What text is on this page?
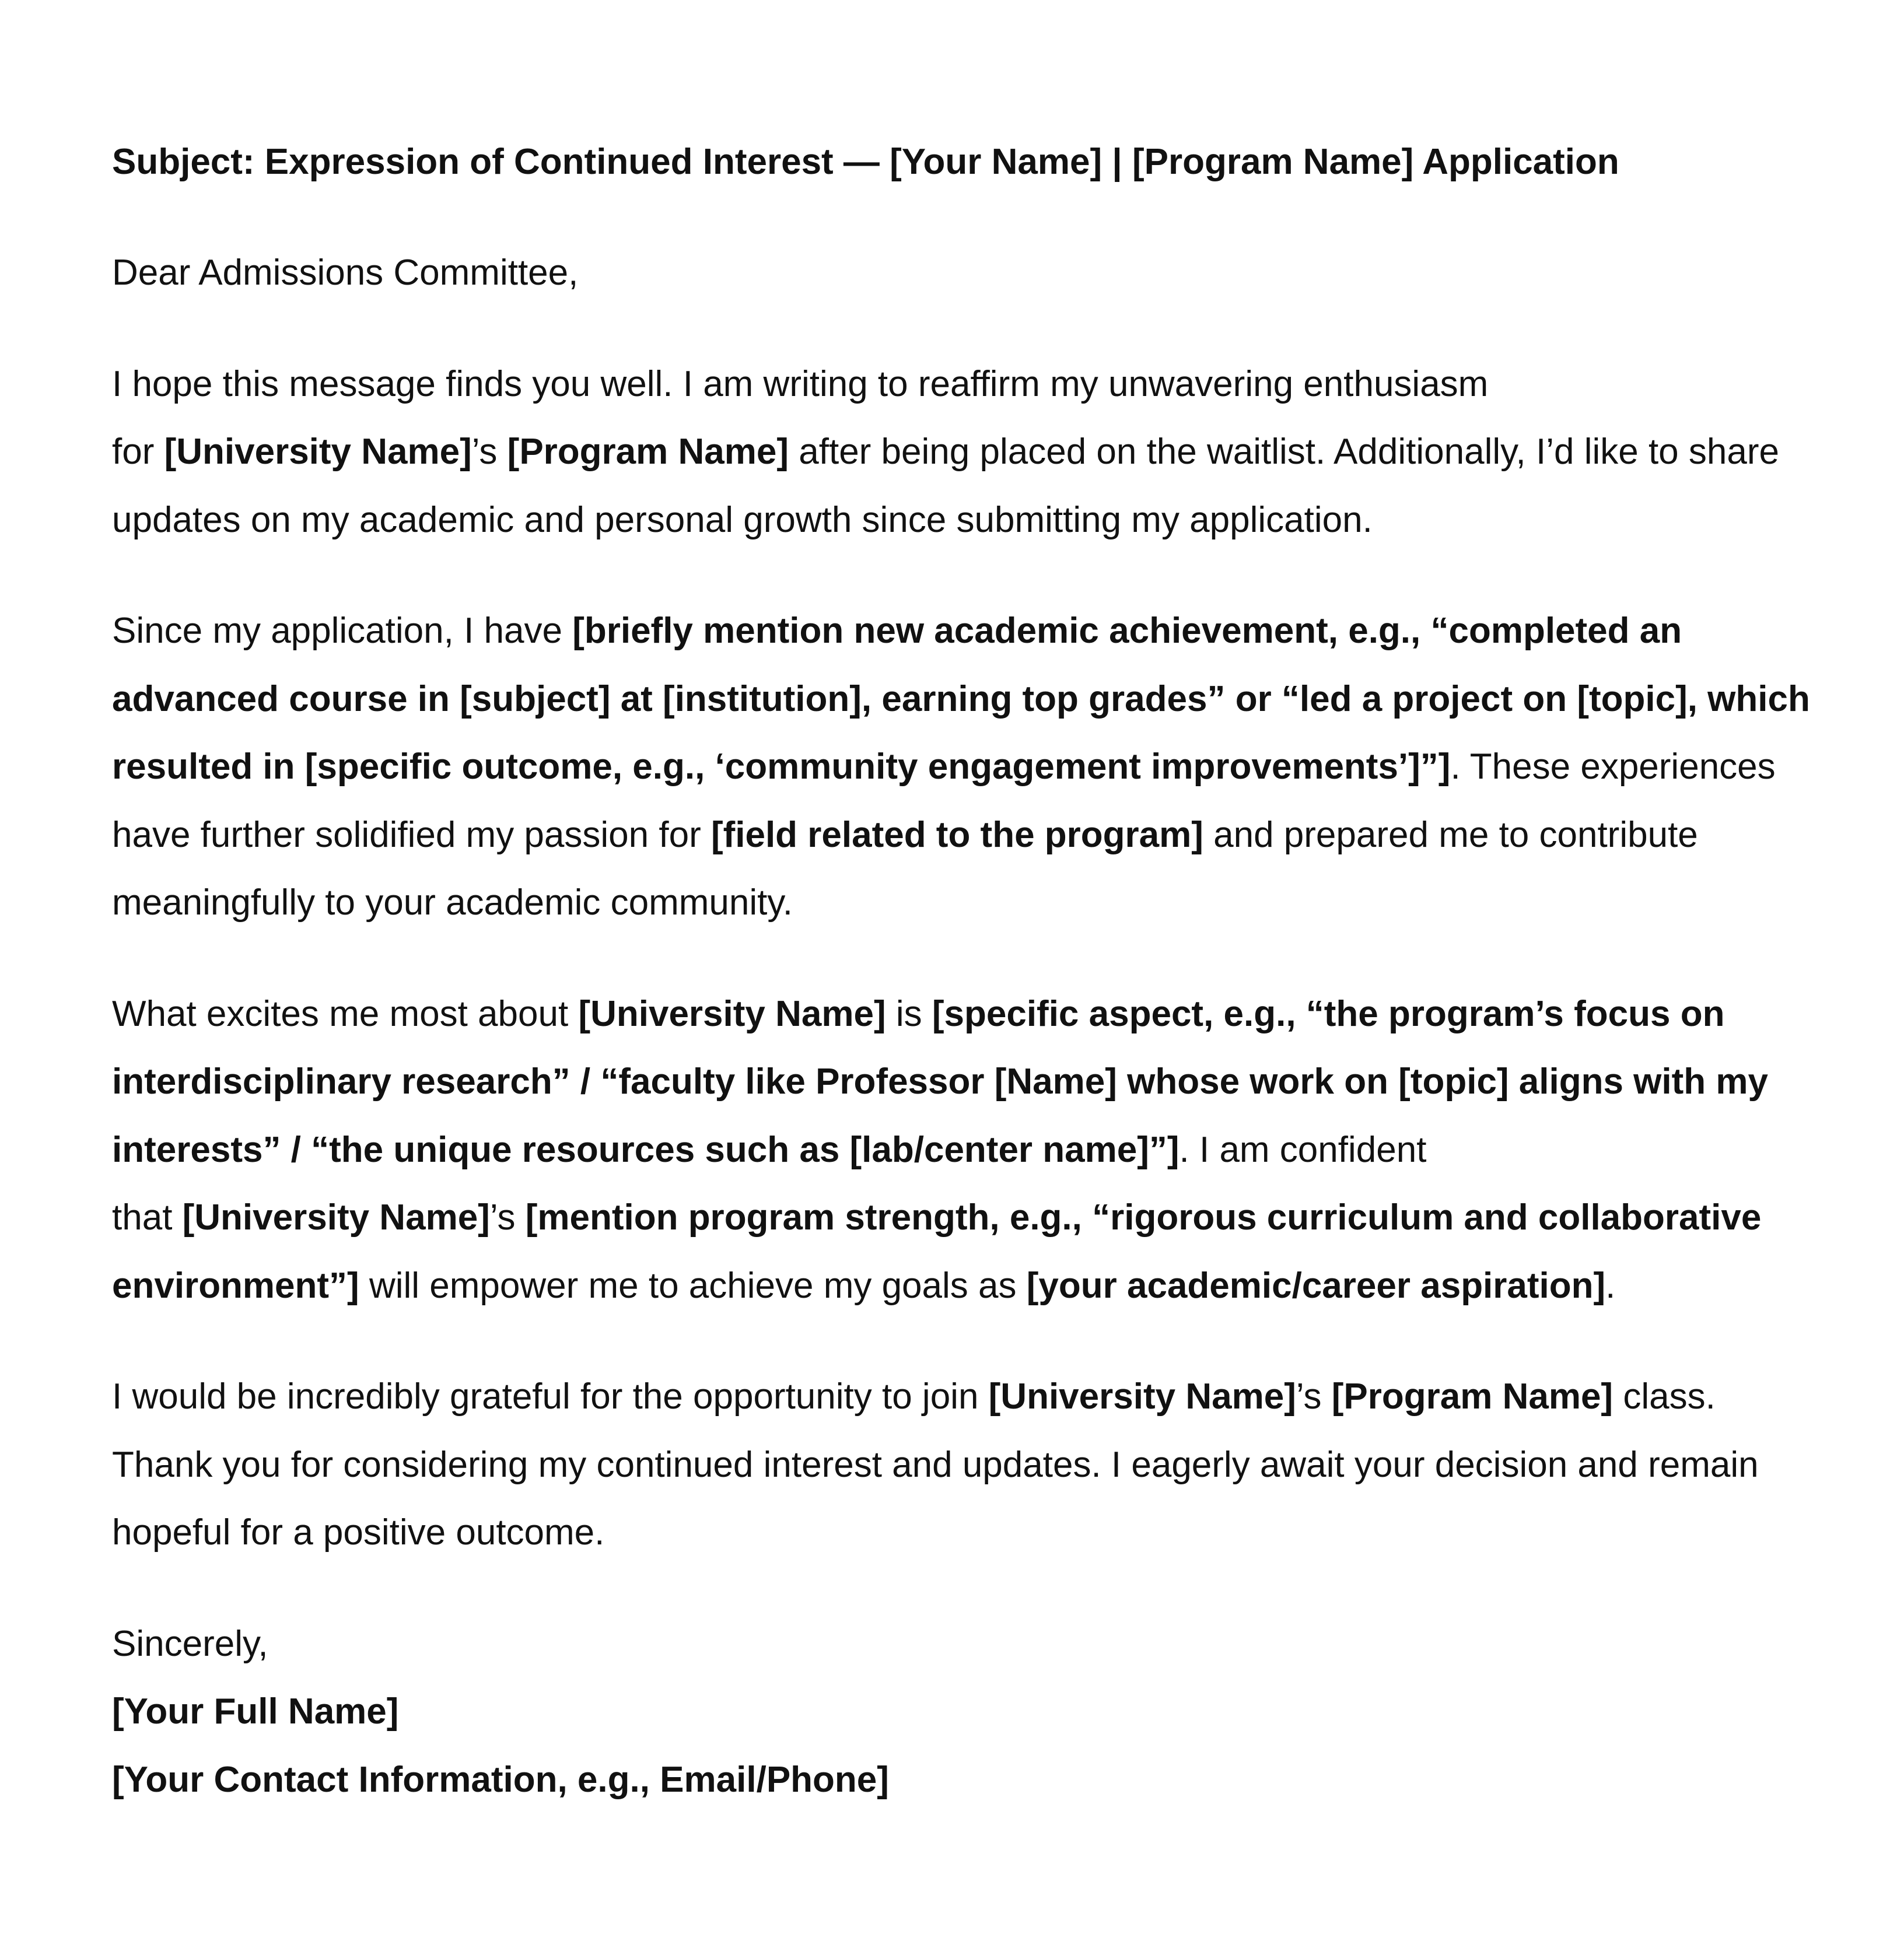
Subject: Expression of Continued Interest — [Your Name] | [Program Name] Application

Dear Admissions Committee,

I hope this message finds you well. I am writing to reaffirm my unwavering enthusiasm
for [University Name]’s [Program Name] after being placed on the waitlist. Additionally, I’d like to share updates on my academic and personal growth since submitting my application.

Since my application, I have [briefly mention new academic achievement, e.g., “completed an advanced course in [subject] at [institution], earning top grades” or “led a project on [topic], which resulted in [specific outcome, e.g., ‘community engagement improvements’]”]. These experiences have further solidified my passion for [field related to the program] and prepared me to contribute meaningfully to your academic community.

What excites me most about [University Name] is [specific aspect, e.g., “the program’s focus on interdisciplinary research” / “faculty like Professor [Name] whose work on [topic] aligns with my interests” / “the unique resources such as [lab/center name]”]. I am confident
that [University Name]’s [mention program strength, e.g., “rigorous curriculum and collaborative environment”] will empower me to achieve my goals as [your academic/career aspiration].

I would be incredibly grateful for the opportunity to join [University Name]’s [Program Name] class. Thank you for considering my continued interest and updates. I eagerly await your decision and remain hopeful for a positive outcome.

Sincerely,

[Your Full Name]

[Your Contact Information, e.g., Email/Phone]
